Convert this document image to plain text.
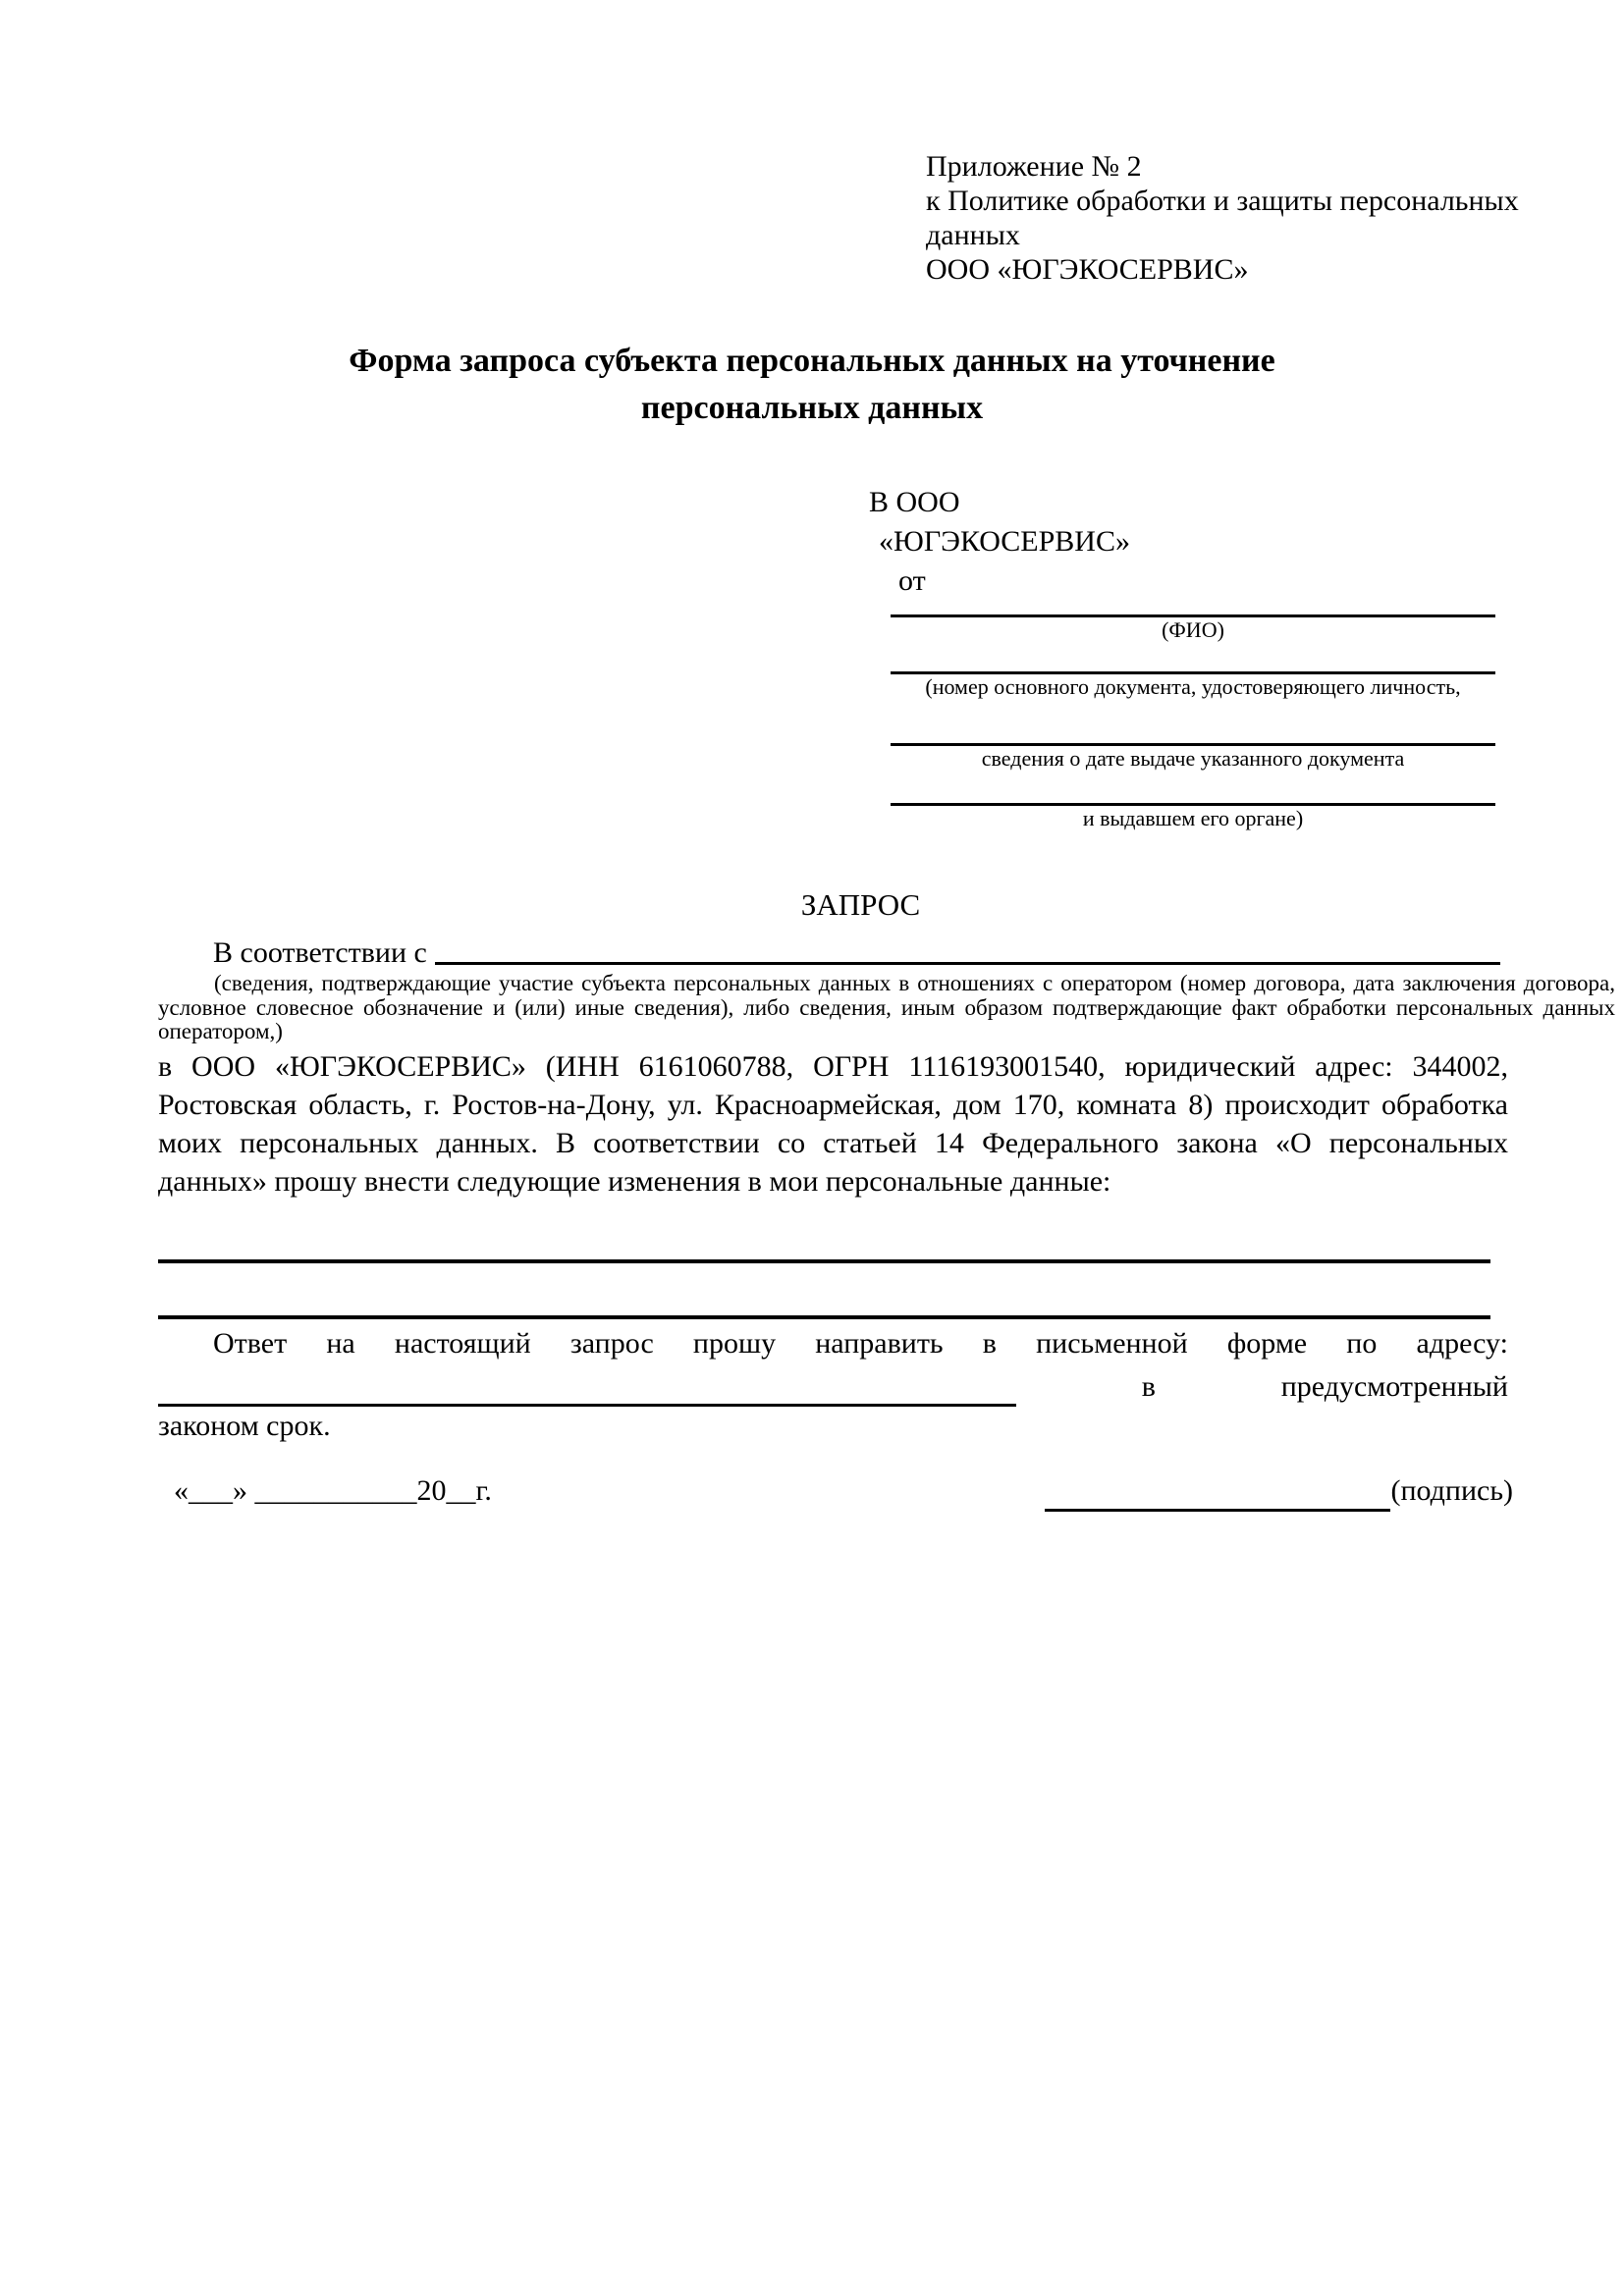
Приложение № 2
к Политике обработки и защиты персональных
данных
ООО «ЮГЭКОСЕРВИС»
Форма запроса субъекта персональных данных на уточнение
персональных данных
В ООО
«ЮГЭКОСЕРВИС»
от
(ФИО)
(номер основного документа, удостоверяющего личность,
сведения о дате выдаче указанного документа
и выдавшем его органе)
ЗАПРОС
В соответствии с
(сведения, подтверждающие участие субъекта персональных данных в отношениях с оператором (номер договора, дата заключения договора, условное словесное обозначение и (или) иные сведения), либо сведения, иным образом подтверждающие факт обработки персональных данных оператором,)
в ООО «ЮГЭКОСЕРВИС» (ИНН 6161060788, ОГРН 1116193001540, юридический адрес: 344002, Ростовская область, г. Ростов-на-Дону, ул. Красноармейская, дом 170, комната 8) происходит обработка моих персональных данных. В соответствии со статьей 14 Федерального закона «О персональных данных» прошу внести следующие изменения в мои персональные данные:
Ответ на настоящий запрос прошу направить в письменной форме по адресу:
в	предусмотренный
законом срок.
«___» ___________20__г.	(подпись)
